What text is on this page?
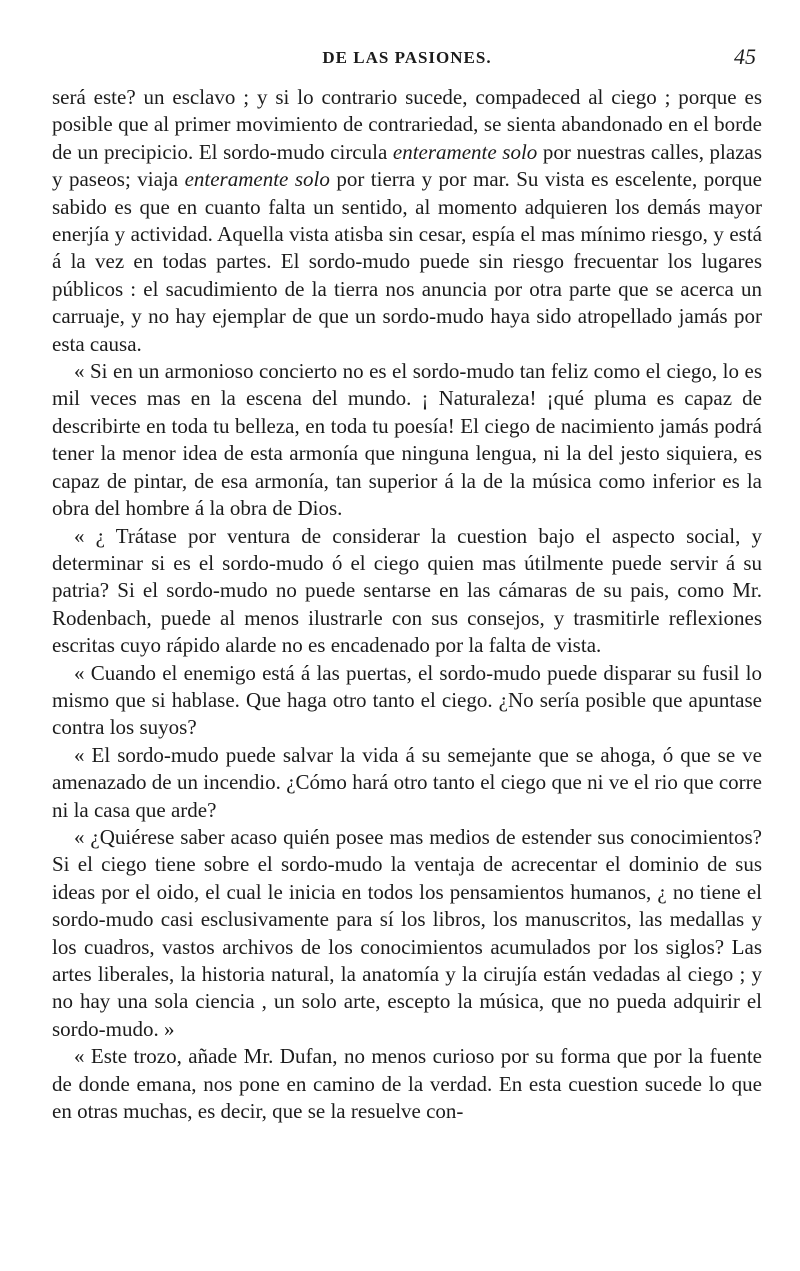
DE LAS PASIONES.	45

será este? un esclavo ; y si lo contrario sucede, compadeced al ciego ; porque es posible que al primer movimiento de contrariedad, se sienta abandonado en el borde de un precipicio. El sordo-mudo circula enteramente solo por nuestras calles, plazas y paseos; viaja enteramente solo por tierra y por mar. Su vista es escelente, porque sabido es que en cuanto falta un sentido, al momento adquieren los demás mayor enerjía y actividad. Aquella vista atisba sin cesar, espía el mas mínimo riesgo, y está á la vez en todas partes. El sordo-mudo puede sin riesgo frecuentar los lugares públicos : el sacudimiento de la tierra nos anuncia por otra parte que se acerca un carruaje, y no hay ejemplar de que un sordo-mudo haya sido atropellado jamás por esta causa.

« Si en un armonioso concierto no es el sordo-mudo tan feliz como el ciego, lo es mil veces mas en la escena del mundo. ¡ Naturaleza! ¡qué pluma es capaz de describirte en toda tu belleza, en toda tu poesía! El ciego de nacimiento jamás podrá tener la menor idea de esta armonía que ninguna lengua, ni la del jesto siquiera, es capaz de pintar, de esa armonía, tan superior á la de la música como inferior es la obra del hombre á la obra de Dios.

« ¿ Trátase por ventura de considerar la cuestion bajo el aspecto social, y determinar si es el sordo-mudo ó el ciego quien mas útilmente puede servir á su patria? Si el sordo-mudo no puede sentarse en las cámaras de su pais, como Mr. Rodenbach, puede al menos ilustrarle con sus consejos, y trasmitirle reflexiones escritas cuyo rápido alarde no es encadenado por la falta de vista.

« Cuando el enemigo está á las puertas, el sordo-mudo puede disparar su fusil lo mismo que si hablase. Que haga otro tanto el ciego. ¿No sería posible que apuntase contra los suyos?

« El sordo-mudo puede salvar la vida á su semejante que se ahoga, ó que se ve amenazado de un incendio. ¿Cómo hará otro tanto el ciego que ni ve el rio que corre ni la casa que arde?

« ¿Quiérese saber acaso quién posee mas medios de estender sus conocimientos? Si el ciego tiene sobre el sordo-mudo la ventaja de acrecentar el dominio de sus ideas por el oido, el cual le inicia en todos los pensamientos humanos, ¿ no tiene el sordo-mudo casi esclusivamente para sí los libros, los manuscritos, las medallas y los cuadros, vastos archivos de los conocimientos acumulados por los siglos? Las artes liberales, la historia natural, la anatomía y la cirujía están vedadas al ciego ; y no hay una sola ciencia , un solo arte, escepto la música, que no pueda adquirir el sordo-mudo. »

« Este trozo, añade Mr. Dufan, no menos curioso por su forma que por la fuente de donde emana, nos pone en camino de la verdad. En esta cuestion sucede lo que en otras muchas, es decir, que se la resuelve con-
